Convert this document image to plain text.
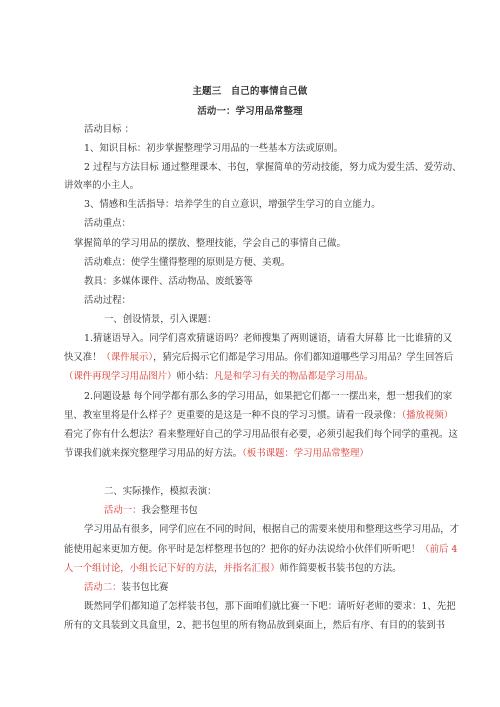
主题三　自己的事情自己做
活动一：学习用品常整理
活动目标 ：
1、知识目标：初步掌握整理学习用品的一些基本方法或原则。
2 过程与方法目标 通过整理课本、书包，掌握简单的劳动技能，努力成为爱生活、爱劳动、
讲效率的小主人。
3、情感和生活指导：培养学生的自立意识，增强学生学习的自立能力。
活动重点：
掌握简单的学习用品的摆放、整理技能，学会自己的事情自己做。
活动难点：使学生懂得整理的原则是方便、美观。
教具：多媒体课件、活动物品、废纸篓等
活动过程：
一、创设情景，引入课题：
1.猜谜语导入。同学们喜欢猜谜语吗？老师搜集了两则谜语，请看大屏幕 比一比谁猜的又
快又准！（课件展示），猜完后揭示它们都是学习用品。你们都知道哪些学习用品？学生回答后
（课件再现学习用品图片）师小结：凡是和学习有关的物品都是学习用品。
2.问题设悬 每个同学都有那么多的学习用品，如果把它们都一一摆出来，想一想我们的家
里、教室里将是什么样子？更重要的是这是一种不良的学习习惯。请看一段录像：（播放视频）
看完了你有什么想法？看来整理好自己的学习用品很有必要，必须引起我们每个同学的重视。这
节课我们就来探究整理学习用品的好方法。（板书课题：学习用品常整理）
二、实际操作，模拟表演：
活动一：我会整理书包
学习用品有很多，同学们应在不同的时间，根据自己的需要来使用和整理这些学习用品，才
能使用起来更加方便。你平时是怎样整理书包的？把你的好办法说给小伙伴们听听吧！（前后 4
人一个组讨论，小组长记下好的方法，并指名汇报）师作简要板书装书包的方法。
活动二：装书包比赛
既然同学们都知道了怎样装书包，那下面咱们就比赛一下吧：请听好老师的要求：1、先把
所有的文具装到文具盒里，2、把书包里的所有物品放到桌面上，然后有序、有目的的装到书
